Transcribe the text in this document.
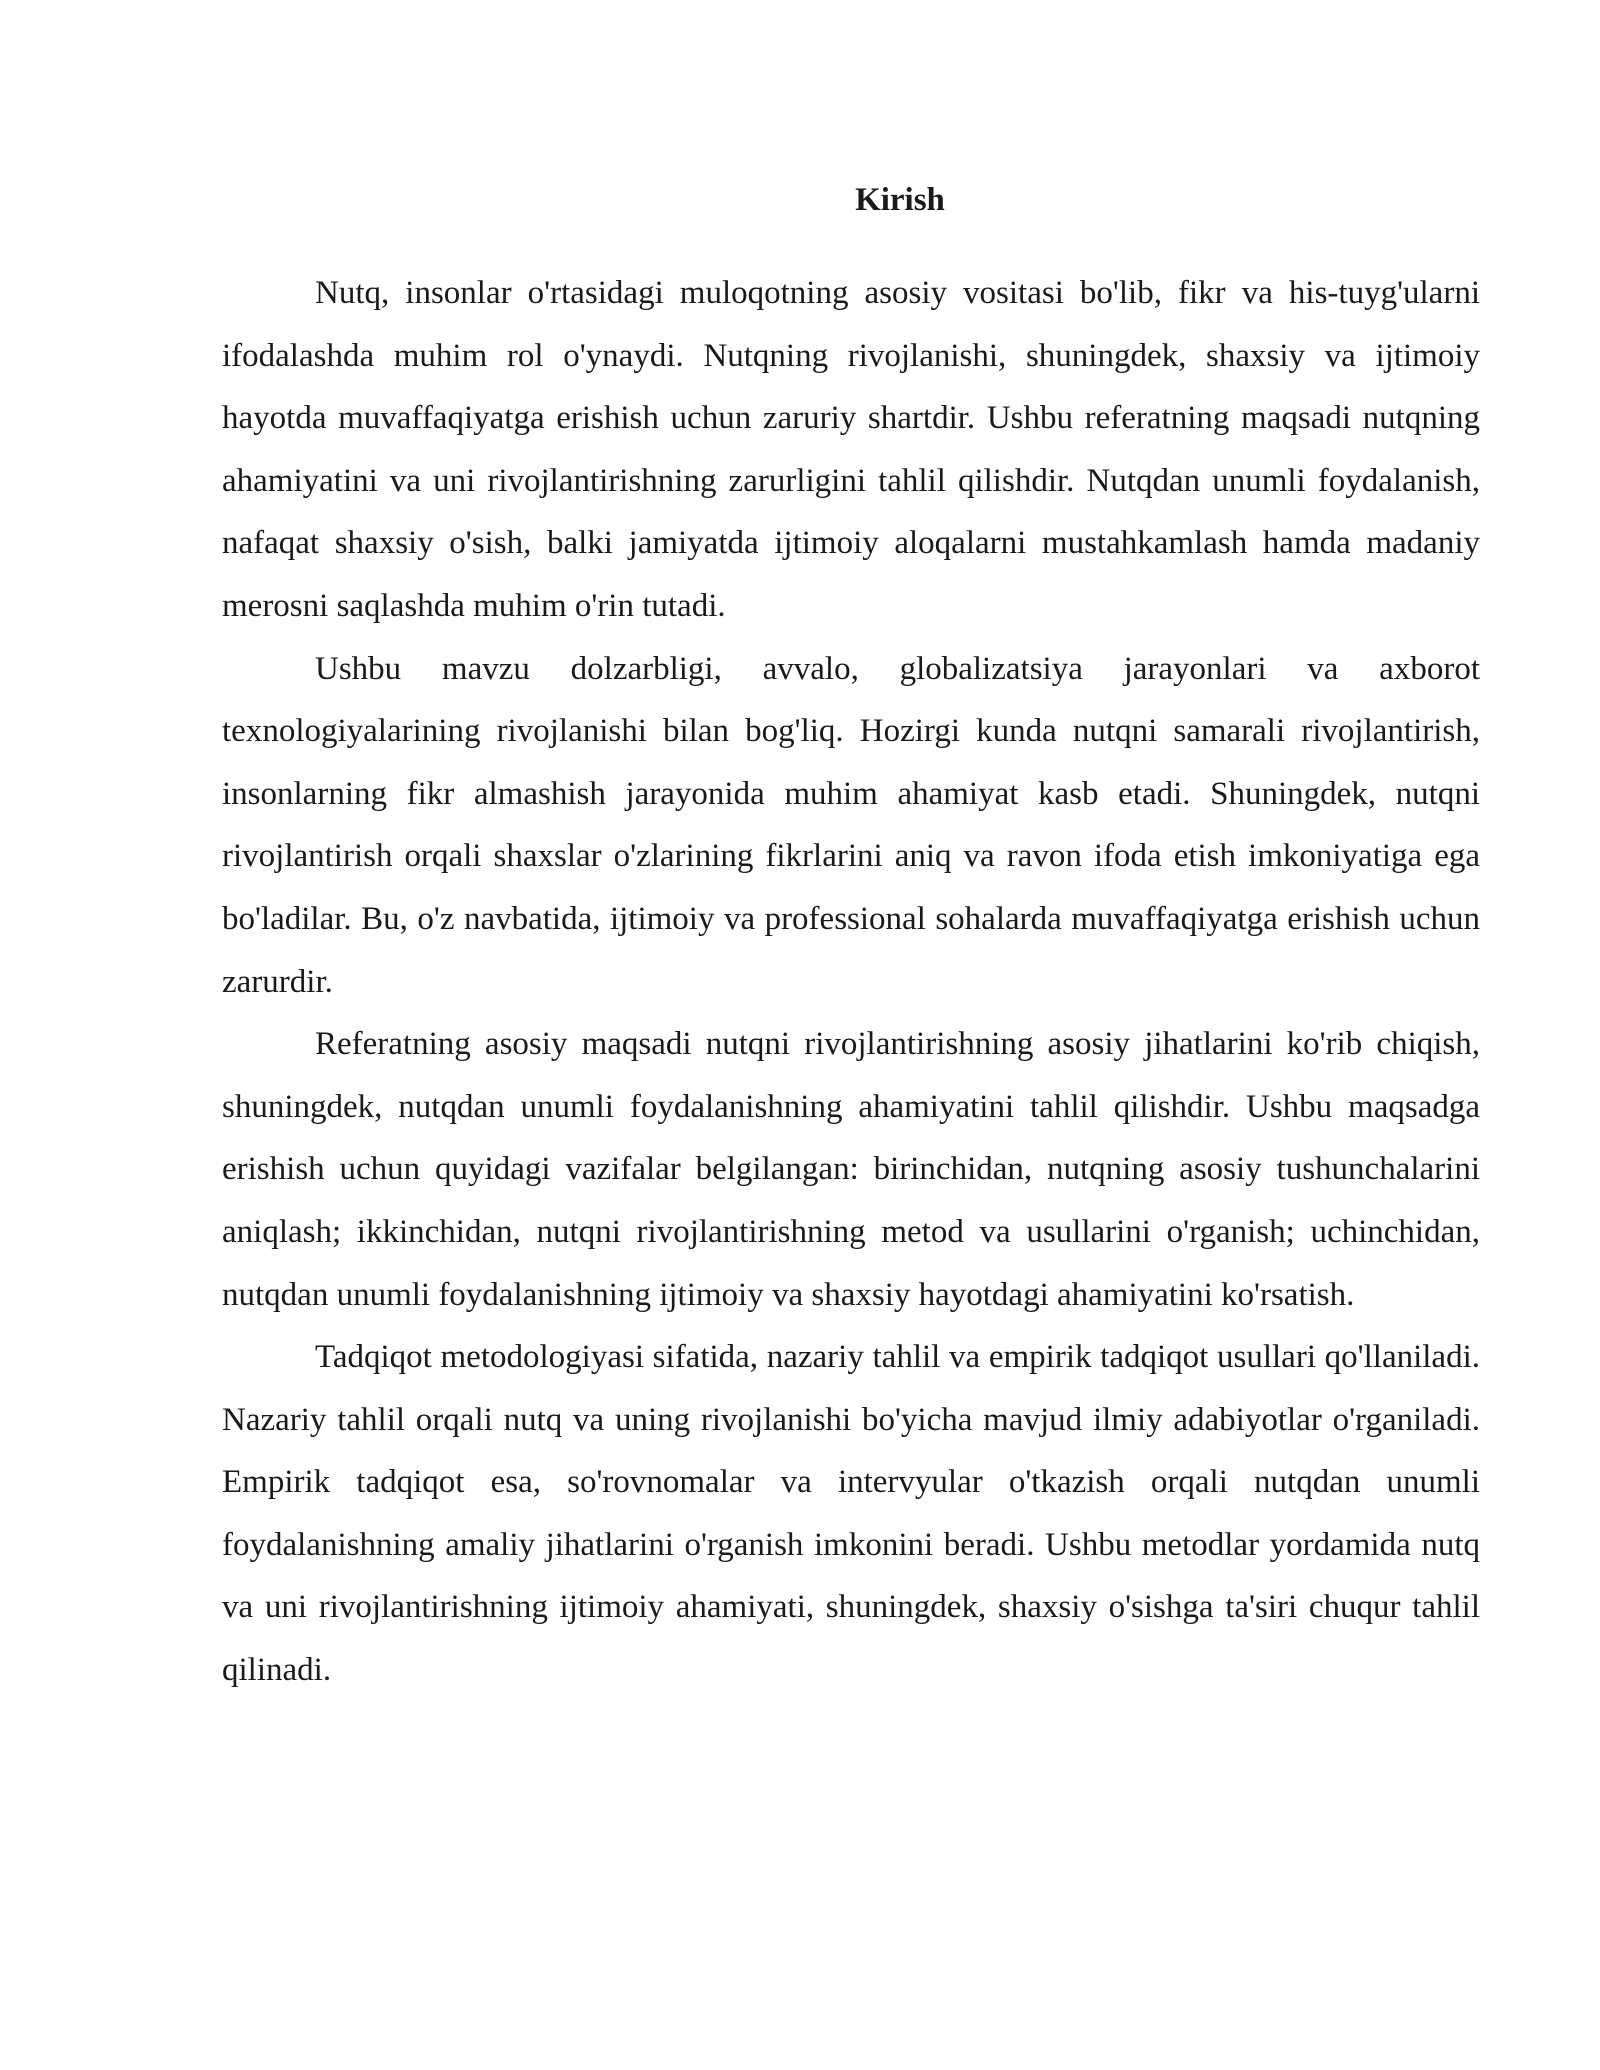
Kirish

Nutq, insonlar o'rtasidagi muloqotning asosiy vositasi bo'lib, fikr va his-tuyg'ularni ifodalashda muhim rol o'ynaydi. Nutqning rivojlanishi, shuningdek, shaxsiy va ijtimoiy hayotda muvaffaqiyatga erishish uchun zaruriy shartdir. Ushbu referatning maqsadi nutqning ahamiyatini va uni rivojlantirishning zarurligini tahlil qilishdir. Nutqdan unumli foydalanish, nafaqat shaxsiy o'sish, balki jamiyatda ijtimoiy aloqalarni mustahkamlash hamda madaniy merosni saqlashda muhim o'rin tutadi.

Ushbu mavzu dolzarbligi, avvalo, globalizatsiya jarayonlari va axborot texnologiyalarining rivojlanishi bilan bog'liq. Hozirgi kunda nutqni samarali rivojlantirish, insonlarning fikr almashish jarayonida muhim ahamiyat kasb etadi. Shuningdek, nutqni rivojlantirish orqali shaxslar o'zlarining fikrlarini aniq va ravon ifoda etish imkoniyatiga ega bo'ladilar. Bu, o'z navbatida, ijtimoiy va professional sohalarda muvaffaqiyatga erishish uchun zarurdir.

Referatning asosiy maqsadi nutqni rivojlantirishning asosiy jihatlarini ko'rib chiqish, shuningdek, nutqdan unumli foydalanishning ahamiyatini tahlil qilishdir. Ushbu maqsadga erishish uchun quyidagi vazifalar belgilangan: birinchidan, nutqning asosiy tushunchalarini aniqlash; ikkinchidan, nutqni rivojlantirishning metod va usullarini o'rganish; uchinchidan, nutqdan unumli foydalanishning ijtimoiy va shaxsiy hayotdagi ahamiyatini ko'rsatish.

Tadqiqot metodologiyasi sifatida, nazariy tahlil va empirik tadqiqot usullari qo'llaniladi. Nazariy tahlil orqali nutq va uning rivojlanishi bo'yicha mavjud ilmiy adabiyotlar o'rganiladi. Empirik tadqiqot esa, so'rovnomalar va intervyular o'tkazish orqali nutqdan unumli foydalanishning amaliy jihatlarini o'rganish imkonini beradi. Ushbu metodlar yordamida nutq va uni rivojlantirishning ijtimoiy ahamiyati, shuningdek, shaxsiy o'sishga ta'siri chuqur tahlil qilinadi.
